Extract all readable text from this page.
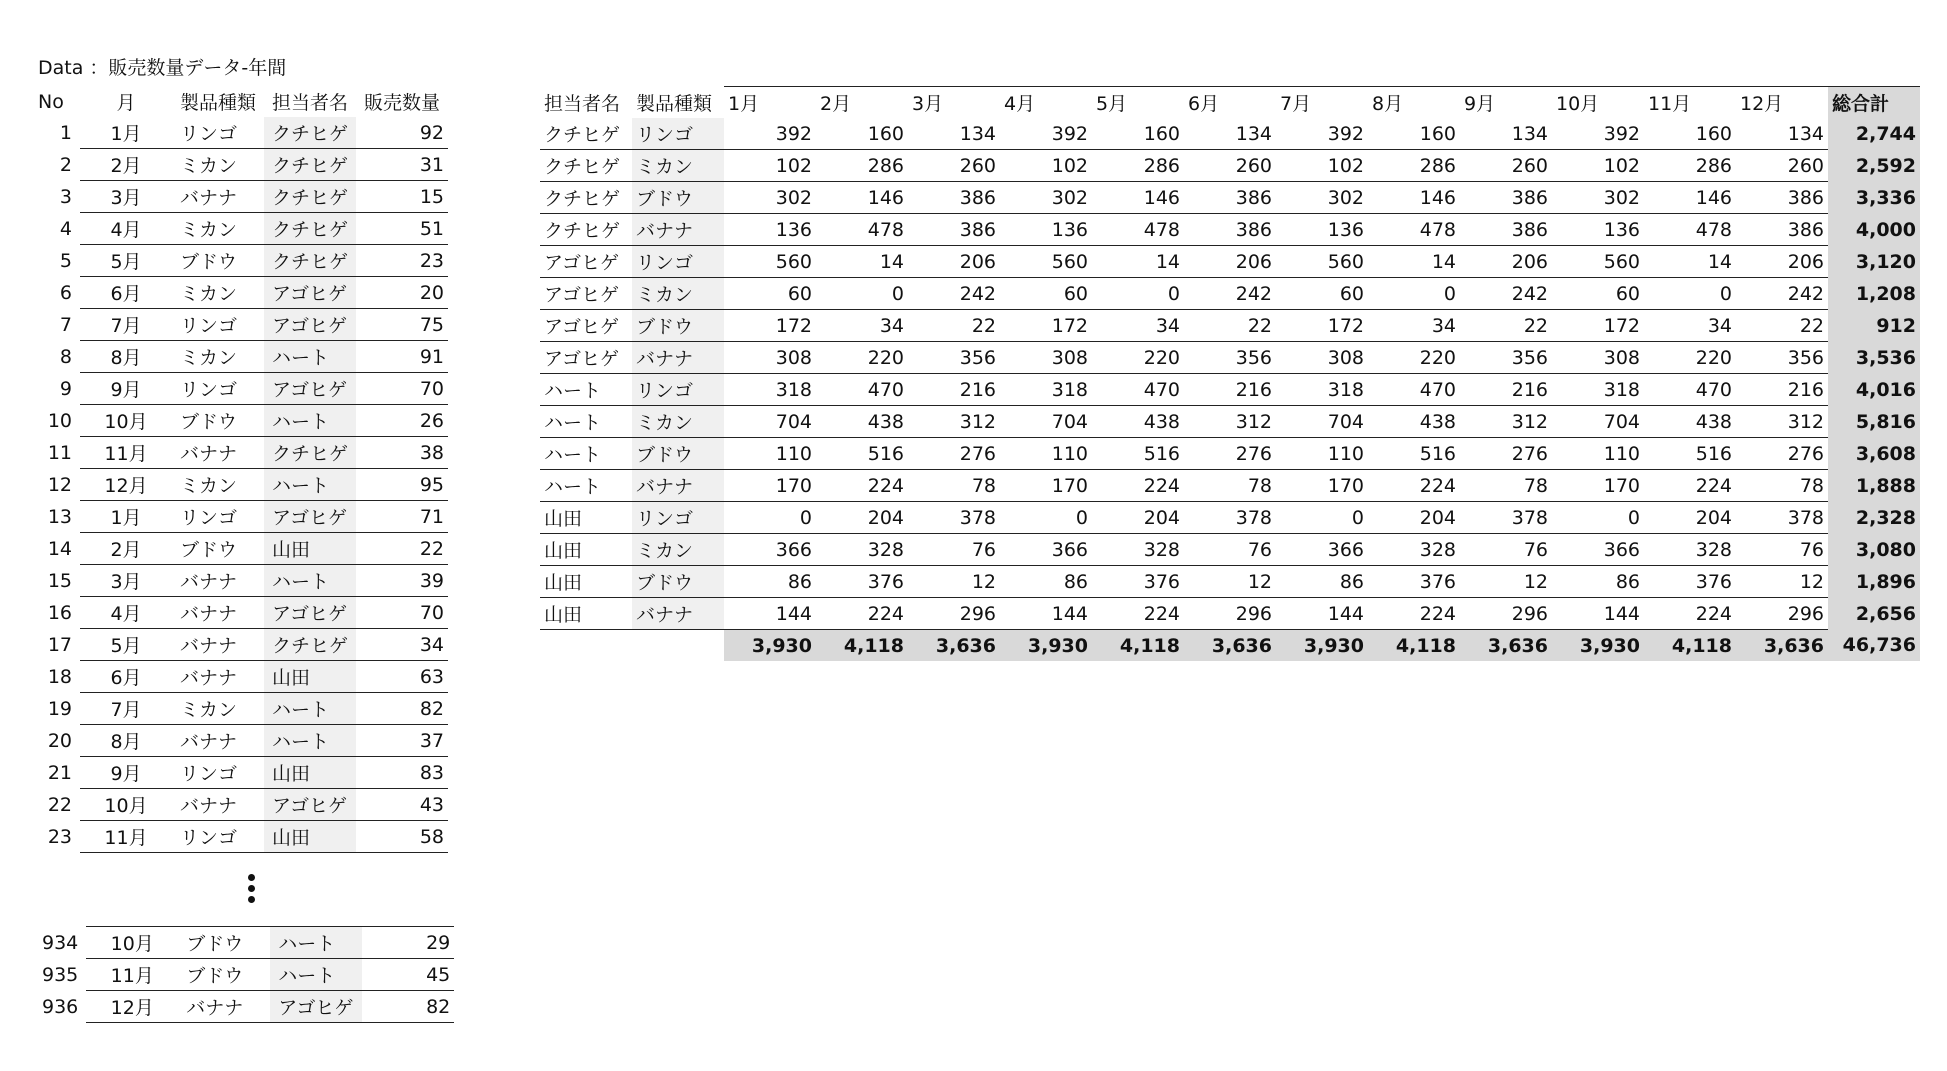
Data ：販売数量データ-年間
No	月	製品種類	担当者名	販売数量
1	1月	リンゴ	クチヒゲ	92
2	2月	ミカン	クチヒゲ	31
3	3月	バナナ	クチヒゲ	15
4	4月	ミカン	クチヒゲ	51
5	5月	ブドウ	クチヒゲ	23
6	6月	ミカン	アゴヒゲ	20
7	7月	リンゴ	アゴヒゲ	75
8	8月	ミカン	ハート	91
9	9月	リンゴ	アゴヒゲ	70
10	10月	ブドウ	ハート	26
11	11月	バナナ	クチヒゲ	38
12	12月	ミカン	ハート	95
13	1月	リンゴ	アゴヒゲ	71
14	2月	ブドウ	山田	22
15	3月	バナナ	ハート	39
16	4月	バナナ	アゴヒゲ	70
17	5月	バナナ	クチヒゲ	34
18	6月	バナナ	山田	63
19	7月	ミカン	ハート	82
20	8月	バナナ	ハート	37
21	9月	リンゴ	山田	83
22	10月	バナナ	アゴヒゲ	43
23	11月	リンゴ	山田	58
934	10月	ブドウ	ハート	29
935	11月	ブドウ	ハート	45
936	12月	バナナ	アゴヒゲ	82
担当者名	製品種類	1月	2月	3月	4月	5月	6月	7月	8月	9月	10月	11月	12月	総合計
クチヒゲ	リンゴ	392	160	134	392	160	134	392	160	134	392	160	134	2,744
クチヒゲ	ミカン	102	286	260	102	286	260	102	286	260	102	286	260	2,592
クチヒゲ	ブドウ	302	146	386	302	146	386	302	146	386	302	146	386	3,336
クチヒゲ	バナナ	136	478	386	136	478	386	136	478	386	136	478	386	4,000
アゴヒゲ	リンゴ	560	14	206	560	14	206	560	14	206	560	14	206	3,120
アゴヒゲ	ミカン	60	0	242	60	0	242	60	0	242	60	0	242	1,208
アゴヒゲ	ブドウ	172	34	22	172	34	22	172	34	22	172	34	22	912
アゴヒゲ	バナナ	308	220	356	308	220	356	308	220	356	308	220	356	3,536
ハート	リンゴ	318	470	216	318	470	216	318	470	216	318	470	216	4,016
ハート	ミカン	704	438	312	704	438	312	704	438	312	704	438	312	5,816
ハート	ブドウ	110	516	276	110	516	276	110	516	276	110	516	276	3,608
ハート	バナナ	170	224	78	170	224	78	170	224	78	170	224	78	1,888
山田	リンゴ	0	204	378	0	204	378	0	204	378	0	204	378	2,328
山田	ミカン	366	328	76	366	328	76	366	328	76	366	328	76	3,080
山田	ブドウ	86	376	12	86	376	12	86	376	12	86	376	12	1,896
山田	バナナ	144	224	296	144	224	296	144	224	296	144	224	296	2,656
		3,930	4,118	3,636	3,930	4,118	3,636	3,930	4,118	3,636	3,930	4,118	3,636	46,736
